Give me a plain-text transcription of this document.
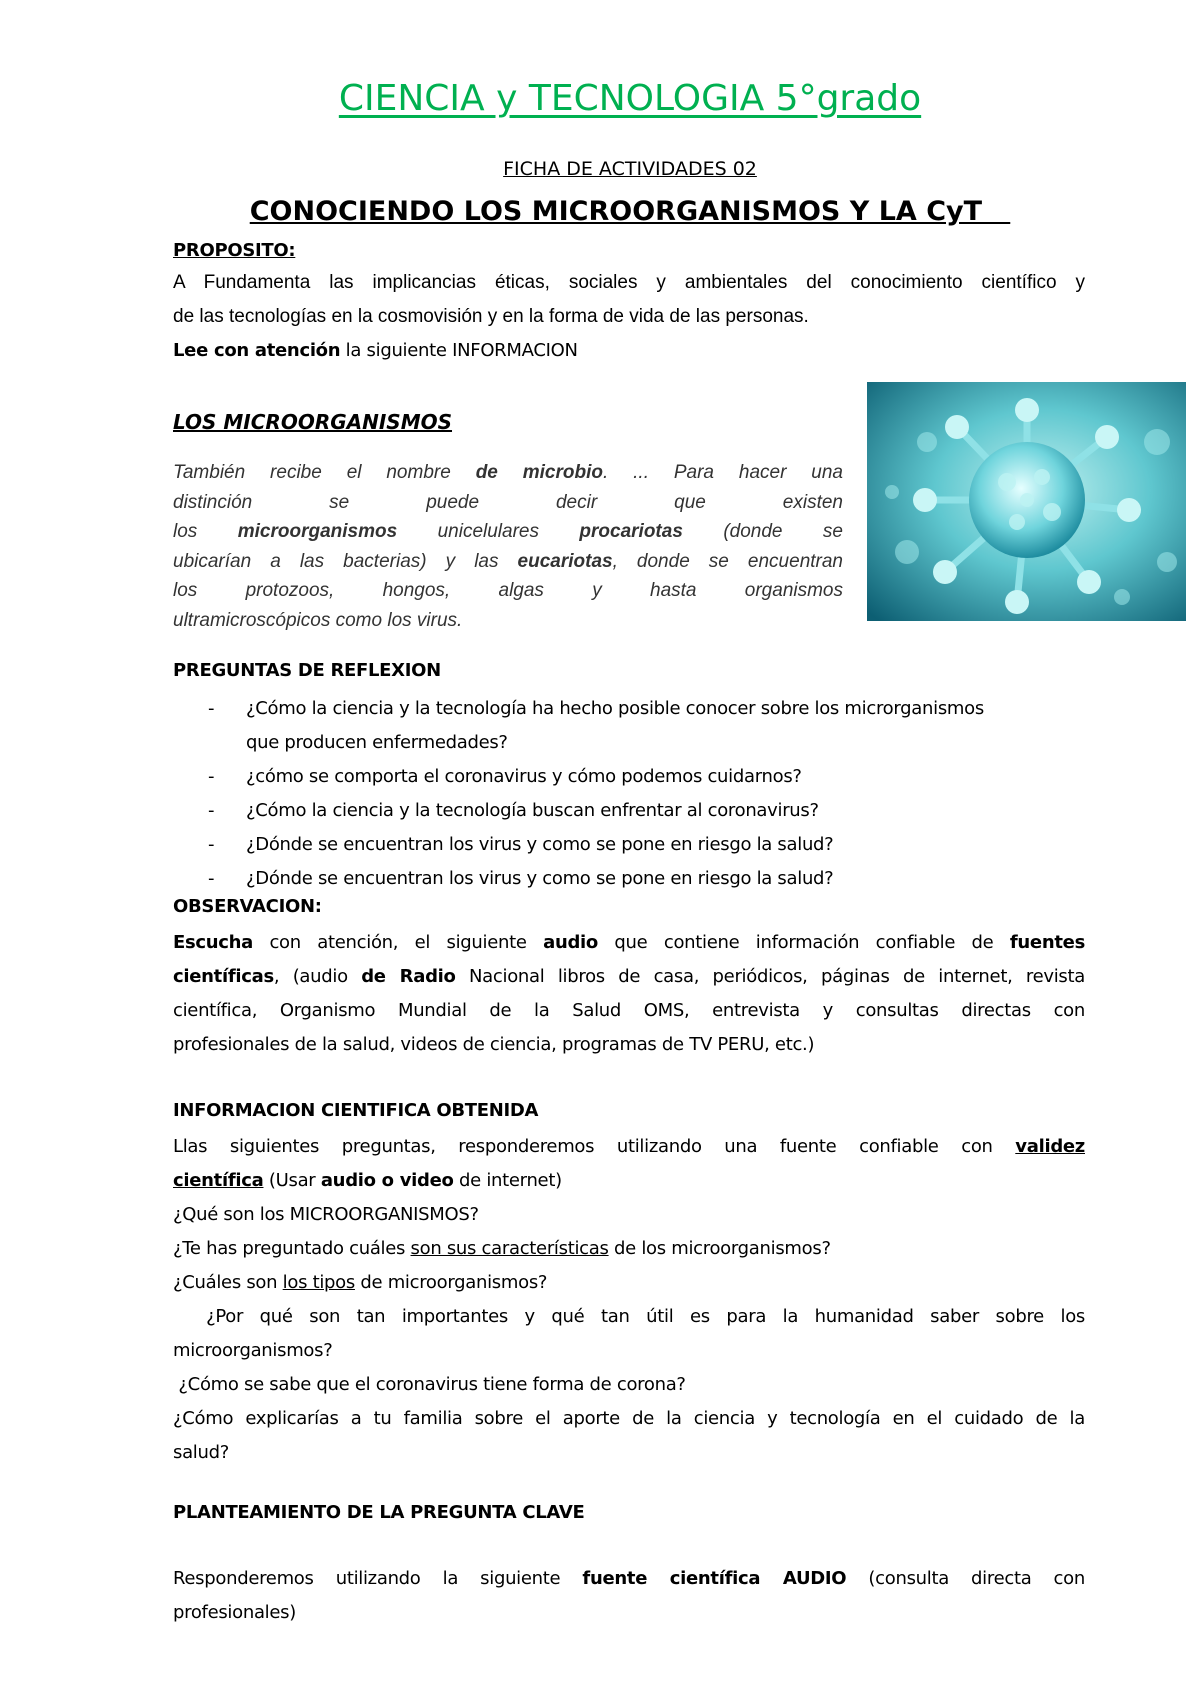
CIENCIA y TECNOLOGIA 5°grado
FICHA DE ACTIVIDADES 02
CONOCIENDO LOS MICROORGANISMOS Y LA CyT
PROPOSITO:
A Fundamenta las implicancias éticas, sociales y ambientales del conocimiento científico y
de las tecnologías en la cosmovisión y en la forma de vida de las personas.
Lee con atención la siguiente INFORMACION
LOS MICROORGANISMOS
También recibe el nombre de microbio. ... Para hacer una
distinción se puede decir que existen
los microorganismos unicelulares procariotas (donde se
ubicarían a las bacterias) y las eucariotas, donde se encuentran
los protozoos, hongos, algas y hasta organismos
ultramicroscópicos como los virus.
PREGUNTAS DE REFLEXION
- ¿Cómo la ciencia y la tecnología ha hecho posible conocer sobre los microrganismos
que producen enfermedades?
- ¿cómo se comporta el coronavirus y cómo podemos cuidarnos?
- ¿Cómo la ciencia y la tecnología buscan enfrentar al coronavirus?
- ¿Dónde se encuentran los virus y como se pone en riesgo la salud?
- ¿Dónde se encuentran los virus y como se pone en riesgo la salud?
OBSERVACION:
Escucha con atención, el siguiente audio que contiene información confiable de fuentes
científicas, (audio de Radio Nacional libros de casa, periódicos, páginas de internet, revista
científica, Organismo Mundial de la Salud OMS, entrevista y consultas directas con
profesionales de la salud, videos de ciencia, programas de TV PERU, etc.)
INFORMACION CIENTIFICA OBTENIDA
Llas siguientes preguntas, responderemos utilizando una fuente confiable con validez
científica (Usar audio o video de internet)
¿Qué son los MICROORGANISMOS?
¿Te has preguntado cuáles son sus características de los microorganismos?
¿Cuáles son los tipos de microorganismos?
¿Por qué son tan importantes y qué tan útil es para la humanidad saber sobre los
microorganismos?
¿Cómo se sabe que el coronavirus tiene forma de corona?
¿Cómo explicarías a tu familia sobre el aporte de la ciencia y tecnología en el cuidado de la
salud?
PLANTEAMIENTO DE LA PREGUNTA CLAVE
Responderemos utilizando la siguiente fuente científica AUDIO (consulta directa con
profesionales)
